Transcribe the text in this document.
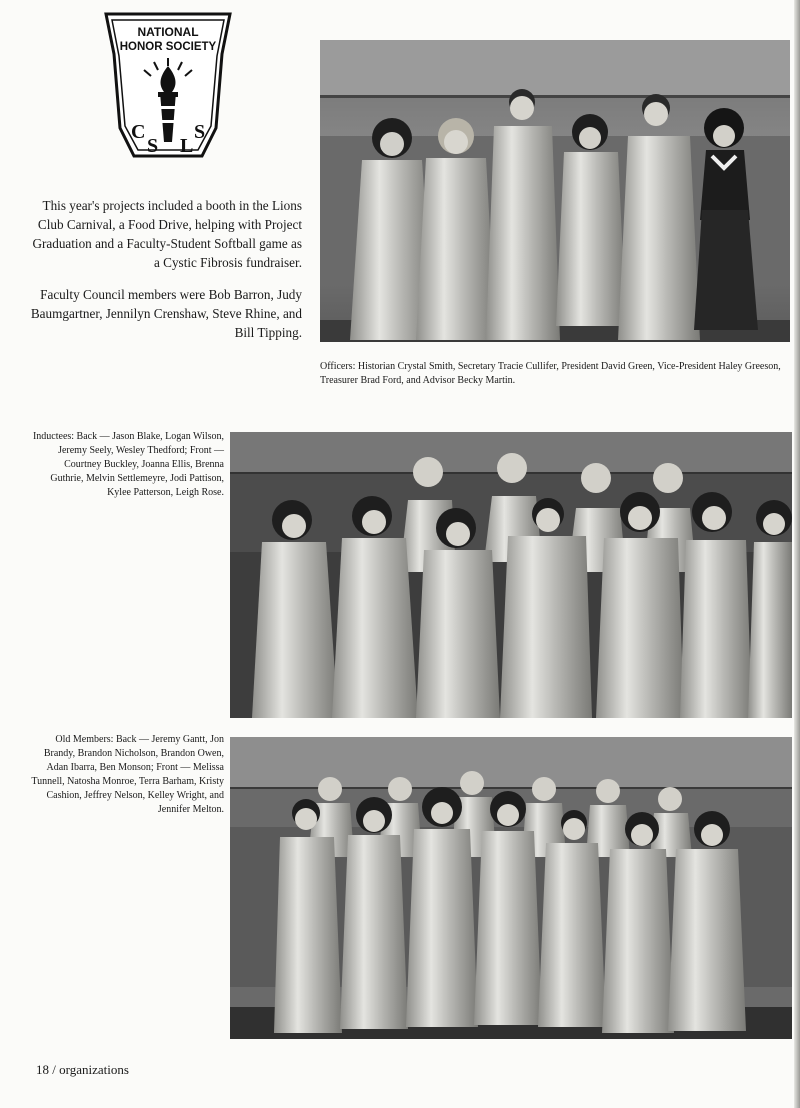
NATIONAL
HONOR SOCIETY
C
S L
S
This year's projects included a booth in the Lions Club Carnival, a Food Drive, helping with Project Graduation and a Faculty-Student Softball game as a Cystic Fibrosis fundraiser.
Faculty Council members were Bob Barron, Judy Baumgartner, Jennilyn Crenshaw, Steve Rhine, and Bill Tipping.
Officers: Historian Crystal Smith, Secretary Tracie Cullifer, President David Green, Vice-President Haley Greeson, Treasurer Brad Ford, and Advisor Becky Martin.
Inductees: Back — Jason Blake, Logan Wilson, Jeremy Seely, Wesley Thedford; Front — Courtney Buckley, Joanna Ellis, Brenna Guthrie, Melvin Settlemeyre, Jodi Pattison, Kylee Patterson, Leigh Rose.
Old Members: Back — Jeremy Gantt, Jon Brandy, Brandon Nicholson, Brandon Owen, Adan Ibarra, Ben Monson; Front — Melissa Tunnell, Natosha Monroe, Terra Barham, Kristy Cashion, Jeffrey Nelson, Kelley Wright, and Jennifer Melton.
18 / organizations
